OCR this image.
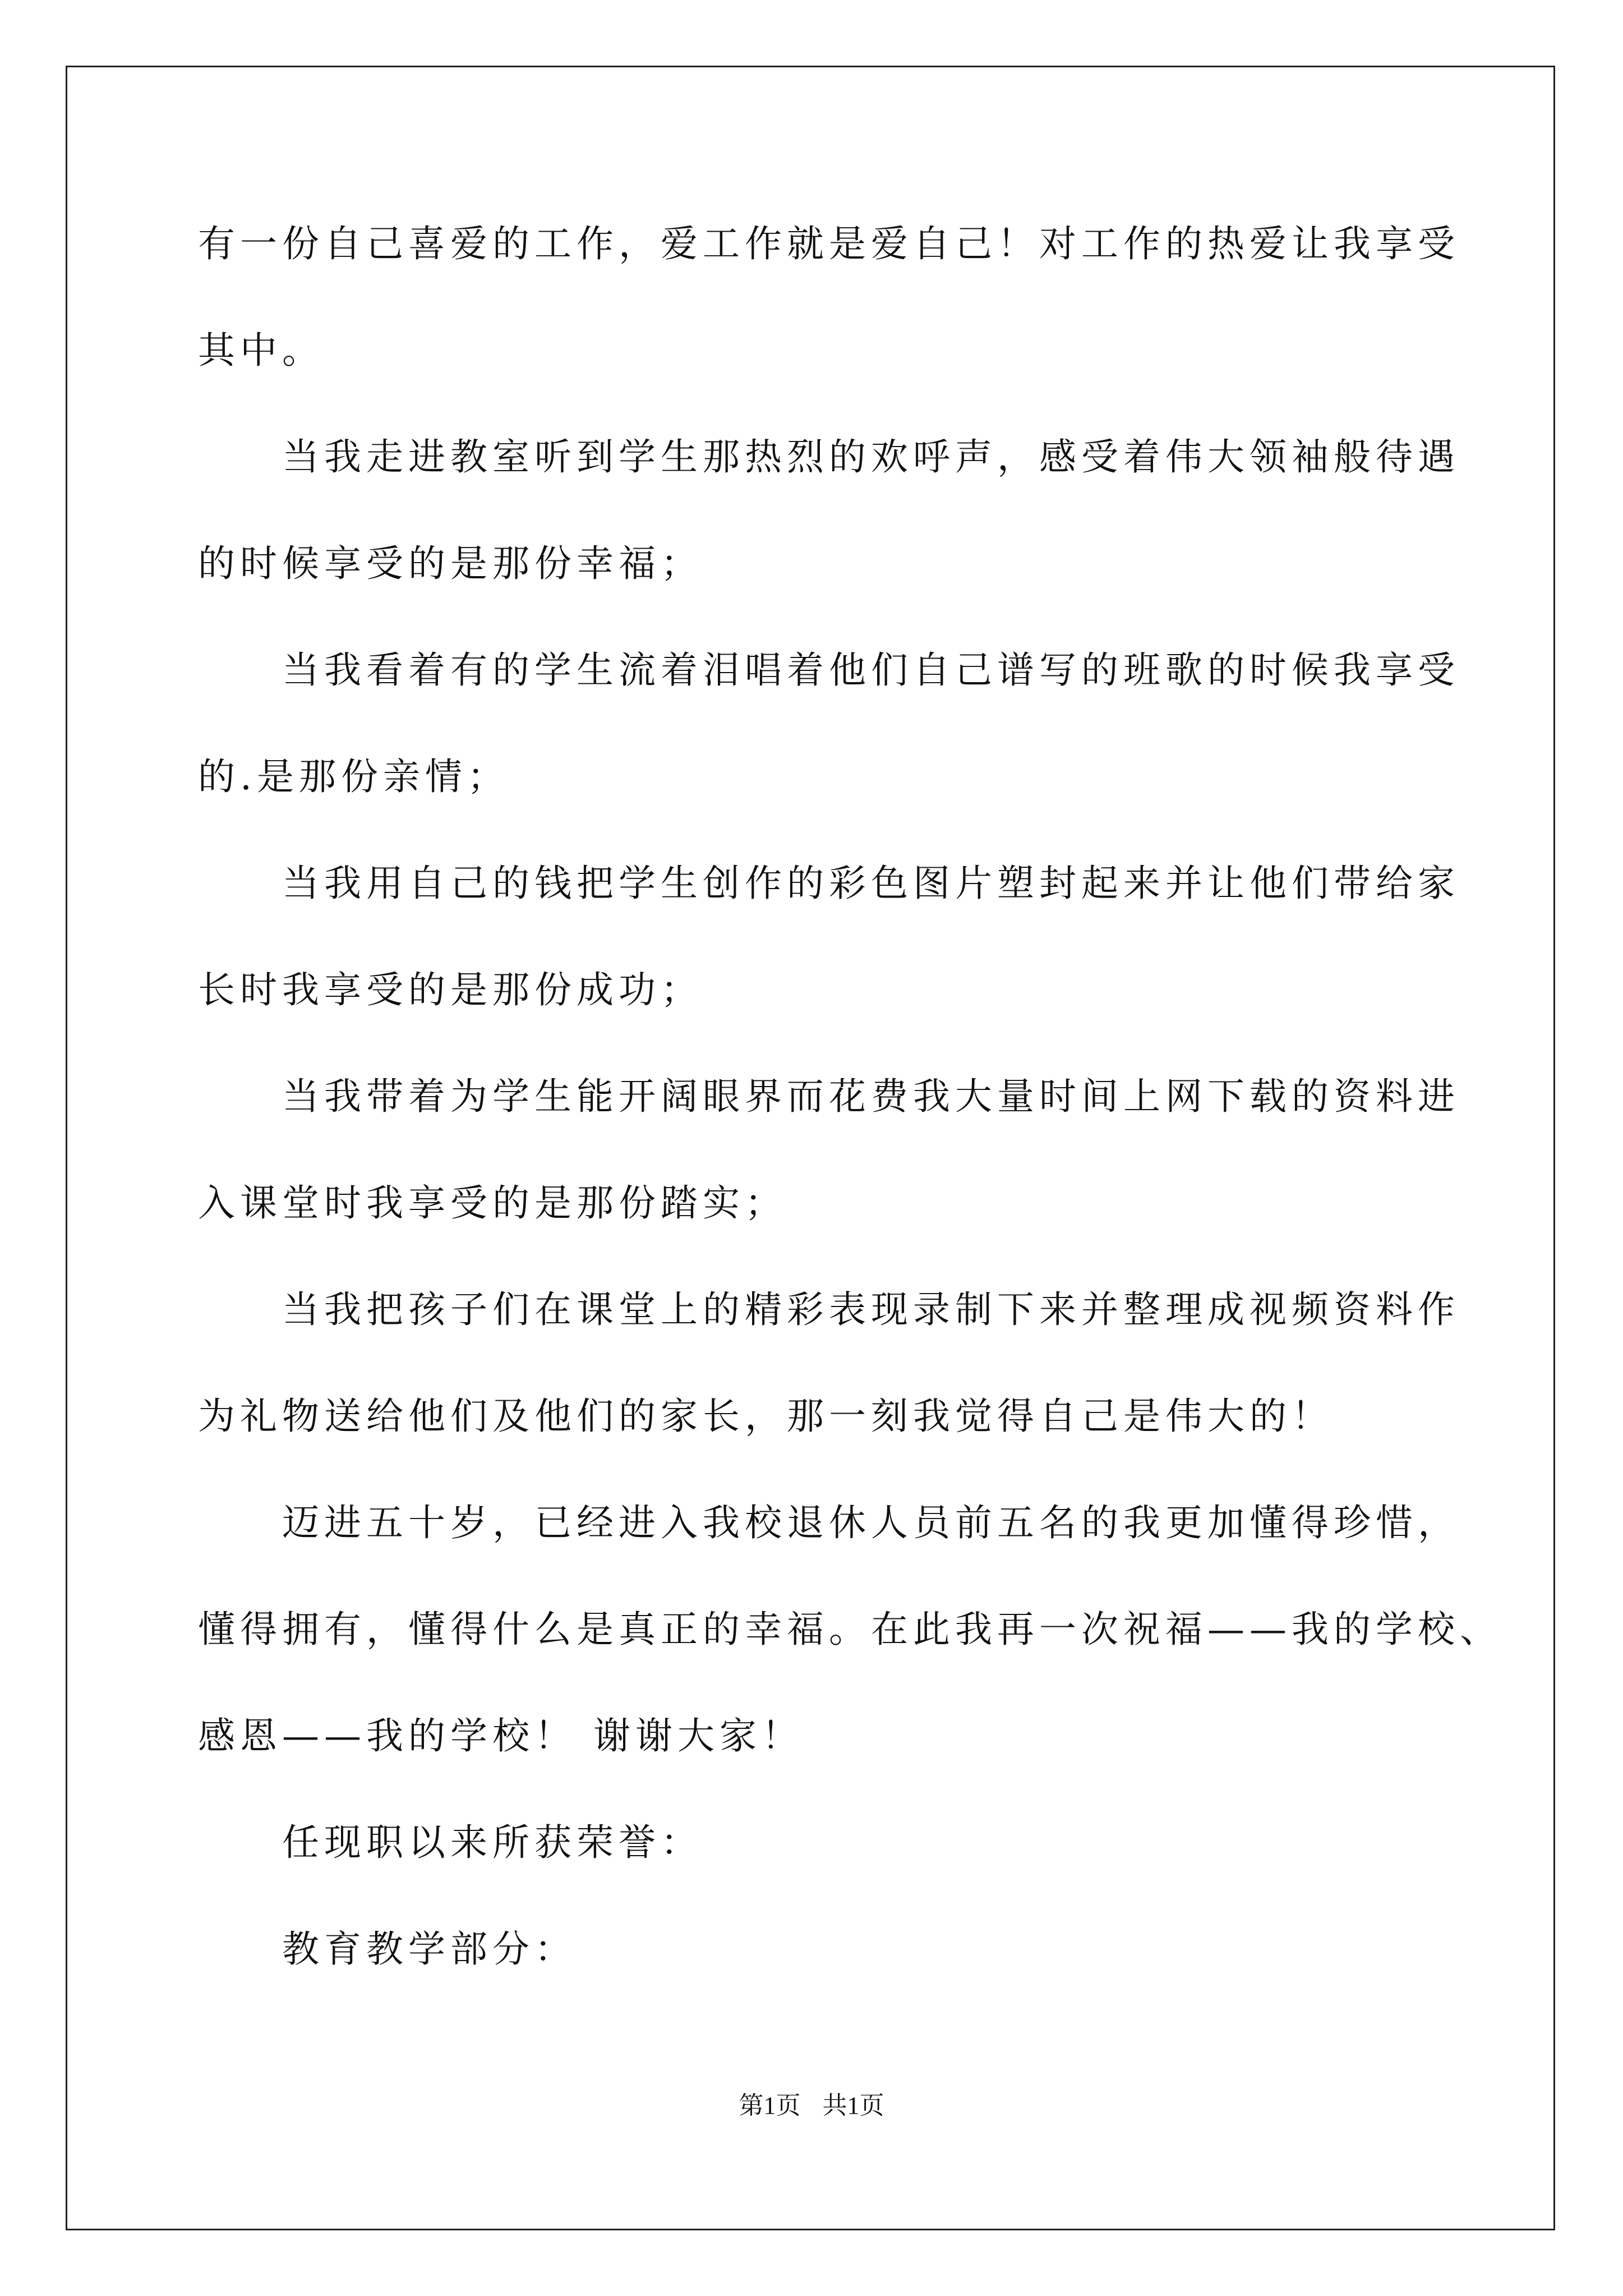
有一份自己喜爱的工作，爱工作就是爱自己！对工作的热爱让我享受
其中。
当我走进教室听到学生那热烈的欢呼声，感受着伟大领袖般待遇
的时候享受的是那份幸福；
当我看着有的学生流着泪唱着他们自己谱写的班歌的时候我享受
的.是那份亲情；
当我用自己的钱把学生创作的彩色图片塑封起来并让他们带给家
长时我享受的是那份成功；
当我带着为学生能开阔眼界而花费我大量时间上网下载的资料进
入课堂时我享受的是那份踏实；
当我把孩子们在课堂上的精彩表现录制下来并整理成视频资料作
为礼物送给他们及他们的家长，那一刻我觉得自己是伟大的！
迈进五十岁，已经进入我校退休人员前五名的我更加懂得珍惜，
懂得拥有，懂得什么是真正的幸福。在此我再一次祝福——我的学校、
感恩——我的学校！ 谢谢大家！
任现职以来所获荣誉：
教育教学部分：
第1页 共1页
